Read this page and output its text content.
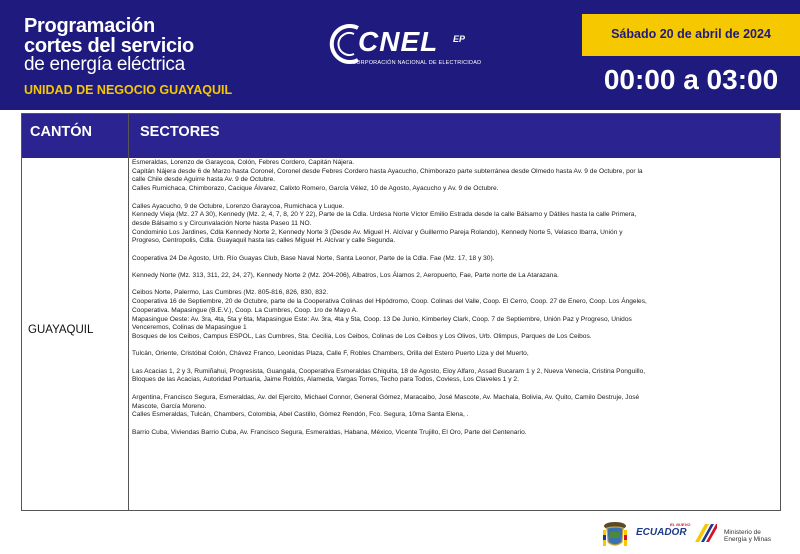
Programación
cortes del servicio
de energía eléctrica
UNIDAD DE NEGOCIO GUAYAQUIL
CNEL EP
CORPORACIÓN NACIONAL DE ELECTRICIDAD
Sábado 20 de abril de 2024
00:00 a 03:00
CANTÓN	SECTORES
GUAYAQUIL

Esmeraldas, Lorenzo de Garaycoa, Colón, Febres Cordero, Capitán Nájera.

Capitán Nájera desde 6 de Marzo hasta Coronel, Coronel desde Febres Cordero hasta Ayacucho, Chimborazo parte subterránea desde Olmedo hasta Av. 9 de Octubre, por la

calle Chile desde Aguirre hasta Av. 9 de Octubre.

Calles Rumichaca, Chimborazo, Cacique Álvarez, Calixto Romero, García Vélez, 10 de Agosto, Ayacucho y Av. 9 de Octubre.

Calles Ayacucho, 9 de Octubre, Lorenzo Garaycoa, Rumichaca y Luque.

Kennedy Vieja (Mz. 27 A 30), Kennedy (Mz. 2, 4, 7, 8, 20 Y 22), Parte de la Cdla. Urdesa Norte Víctor Emilio Estrada desde la calle Bálsamo y Dátiles hasta la calle Primera,

desde Bálsamo s y Circunvalación Norte hasta Paseo 11 NO.

Condominio Los Jardines, Cdla Kennedy Norte 2, Kennedy Norte 3 (Desde Av. Miguel H. Alcívar y Guillermo Pareja Rolando), Kennedy Norte 5, Velasco Ibarra, Unión y

Progreso, Centropolis, Cdla. Guayaquil hasta las calles Miguel H. Alcívar y calle Segunda.

Cooperativa 24 De Agosto, Urb. Río Guayas Club, Base Naval Norte, Santa Leonor, Parte de la Cdla. Fae (Mz. 17, 18 y 30).

Kennedy Norte (Mz. 313, 311, 22, 24, 27), Kennedy Norte 2 (Mz. 204-206), Albatros, Los Álamos 2, Aeropuerto, Fae, Parte norte de La Atarazana.

Ceibos Norte, Palermo, Las Cumbres (Mz. 805-816, 826, 830, 832.

Cooperativa 16 de Septiembre, 20 de Octubre, parte de la Cooperativa Colinas del Hipódromo, Coop. Colinas del Valle, Coop. El Cerro, Coop. 27 de Enero, Coop. Los Ángeles,

Cooperativa. Mapasingue (B.E.V.), Coop. La Cumbres, Coop. 1ro de Mayo A.

Mapasingue Oeste: Av. 3ra, 4ta, 5ta y 6ta, Mapasingue Este: Av. 3ra, 4ta y 5ta, Coop. 13 De Junio, Kimberley Clark, Coop. 7 de Septiembre, Unión Paz y Progreso, Unidos

Venceremos, Colinas de Mapasingue 1

Bosques de los Ceibos, Campus ESPOL, Las Cumbres, Sta. Cecilia, Los Ceibos, Colinas de Los Ceibos y Los Olivos, Urb. Olimpus, Parques de Los Ceibos.

Tulcán, Oriente, Cristóbal Colón, Chávez Franco, Leonidas Plaza, Calle F, Robles Chambers, Orilla del Estero Puerto Liza y del Muerto,

Las Acacias 1, 2 y 3, Rumiñahui, Progresista, Guangala, Cooperativa Esmeraldas Chiquita, 18 de Agosto, Eloy Alfaro, Assad Bucaram 1 y 2, Nueva Venecia, Cristina Ponguillo,

Bloques de las Acacias, Autoridad Portuaria, Jaime Roldós, Alameda, Vargas Torres, Techo para Todos, Coviess, Los Claveles 1 y 2.

Argentina, Francisco Segura, Esmeraldas, Av. del Ejercito, Michael Connor, General Gómez, Maracaibo, José Mascote, Av. Machala, Bolivia, Av. Quito, Camilo Destruje, José

Mascote, García Moreno.

Calles Esmeraldas, Tulcán, Chambers, Colombia, Abel Castillo, Gómez Rendón, Fco. Segura, 10ma Santa Elena, .

Barrio Cuba, Viviendas Barrio Cuba, Av. Francisco Segura, Esmeraldas, Habana, México, Vicente Trujillo, El Oro, Parte del Centenario.

EL NUEVO
ECUADOR	Ministerio de
Energía y Minas
